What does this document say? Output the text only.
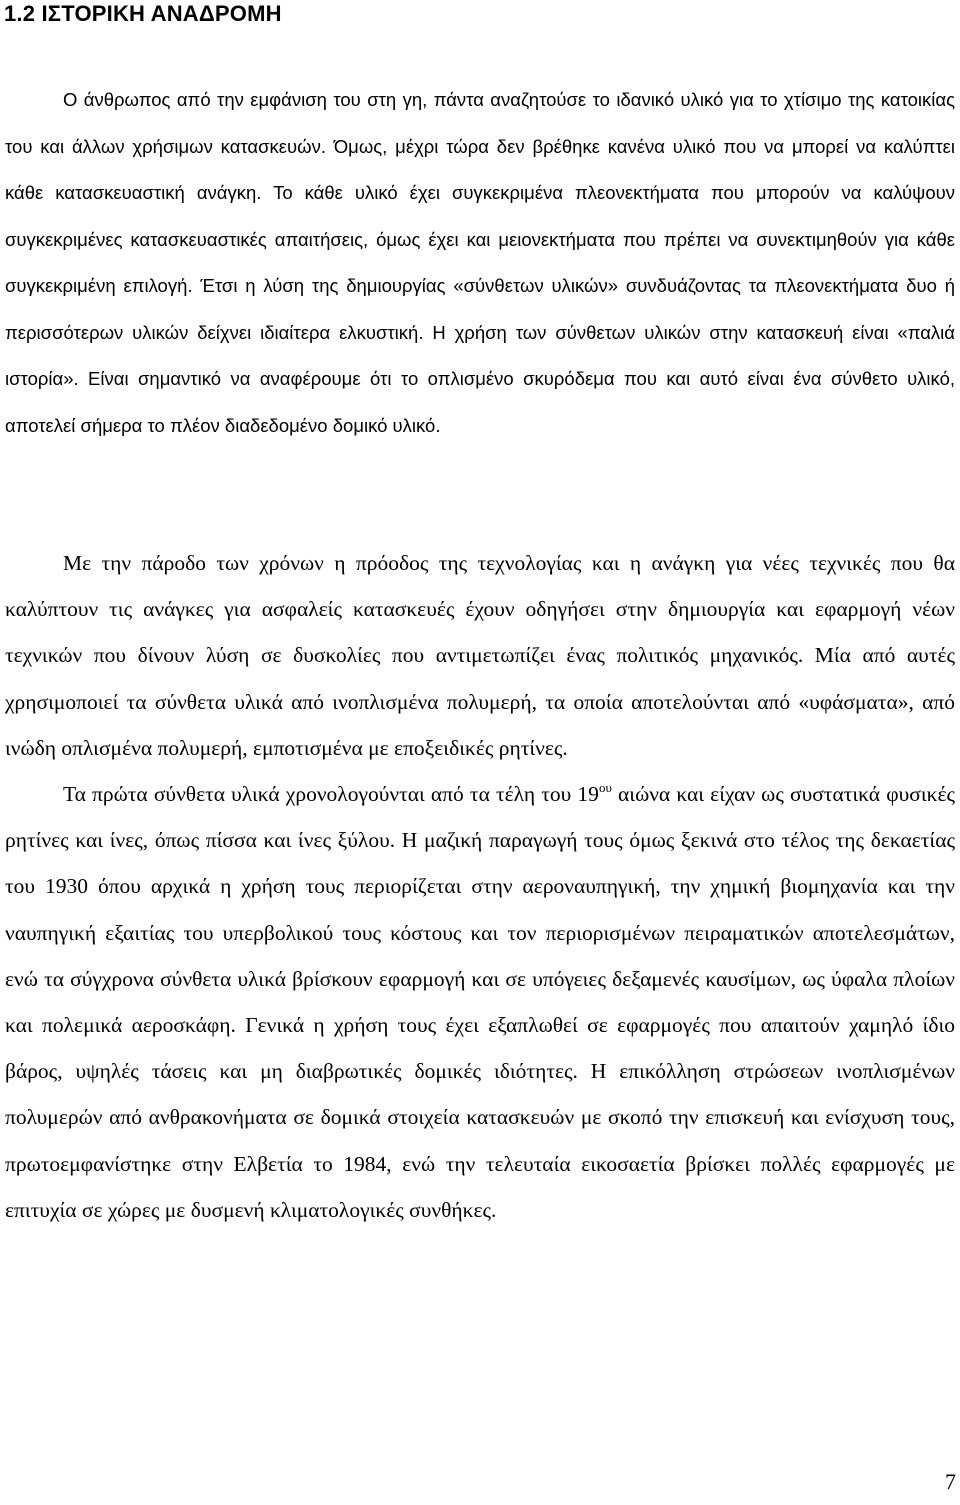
1.2 ΙΣΤΟΡΙΚΗ ΑΝΑΔΡΟΜΗ

Ο άνθρωπος από την εμφάνιση του στη γη, πάντα αναζητούσε το ιδανικό υλικό για το χτίσιμο της κατοικίας του και άλλων χρήσιμων κατασκευών. Όμως, μέχρι τώρα δεν βρέθηκε κανένα υλικό που να μπορεί να καλύπτει κάθε κατασκευαστική ανάγκη. Το κάθε υλικό έχει συγκεκριμένα πλεονεκτήματα που μπορούν να καλύψουν συγκεκριμένες κατασκευαστικές απαιτήσεις, όμως έχει και μειονεκτήματα που πρέπει να συνεκτιμηθούν για κάθε συγκεκριμένη επιλογή. Έτσι η λύση της δημιουργίας «σύνθετων υλικών» συνδυάζοντας τα πλεονεκτήματα δυο ή περισσότερων υλικών δείχνει ιδιαίτερα ελκυστική. Η χρήση των σύνθετων υλικών στην κατασκευή είναι «παλιά ιστορία». Είναι σημαντικό να αναφέρουμε ότι το οπλισμένο σκυρόδεμα που και αυτό είναι ένα σύνθετο υλικό, αποτελεί σήμερα το πλέον διαδεδομένο δομικό υλικό.

Με την πάροδο των χρόνων η πρόοδος της τεχνολογίας και η ανάγκη για νέες τεχνικές που θα καλύπτουν τις ανάγκες για ασφαλείς κατασκευές έχουν οδηγήσει στην δημιουργία και εφαρμογή νέων τεχνικών που δίνουν λύση σε δυσκολίες που αντιμετωπίζει ένας πολιτικός μηχανικός. Μία από αυτές χρησιμοποιεί τα σύνθετα υλικά από ινοπλισμένα πολυμερή, τα οποία αποτελούνται από «υφάσματα», από ινώδη οπλισμένα πολυμερή, εμποτισμένα με εποξειδικές ρητίνες.

Τα πρώτα σύνθετα υλικά χρονολογούνται από τα τέλη του $19^{o\upsilon}$ αιώνα και είχαν ως συστατικά φυσικές ρητίνες και ίνες, όπως πίσσα και ίνες ξύλου. Η μαζική παραγωγή τους όμως ξεκινά στο τέλος της δεκαετίας του 1930 όπου αρχικά η χρήση τους περιορίζεται στην αεροναυπηγική, την χημική βιομηχανία και την ναυπηγική εξαιτίας του υπερβολικού τους κόστους και τον περιορισμένων πειραματικών αποτελεσμάτων, ενώ τα σύγχρονα σύνθετα υλικά βρίσκουν εφαρμογή και σε υπόγειες δεξαμενές καυσίμων, ως ύφαλα πλοίων και πολεμικά αεροσκάφη. Γενικά η χρήση τους έχει εξαπλωθεί σε εφαρμογές που απαιτούν χαμηλό ίδιο βάρος, υψηλές τάσεις και μη διαβρωτικές δομικές ιδιότητες. Η επικόλληση στρώσεων ινοπλισμένων πολυμερών από ανθρακονήματα σε δομικά στοιχεία κατασκευών με σκοπό την επισκευή και ενίσχυση τους, πρωτοεμφανίστηκε στην Ελβετία το 1984, ενώ την τελευταία εικοσαετία βρίσκει πολλές εφαρμογές με επιτυχία σε χώρες με δυσμενή κλιματολογικές συνθήκες.

7
